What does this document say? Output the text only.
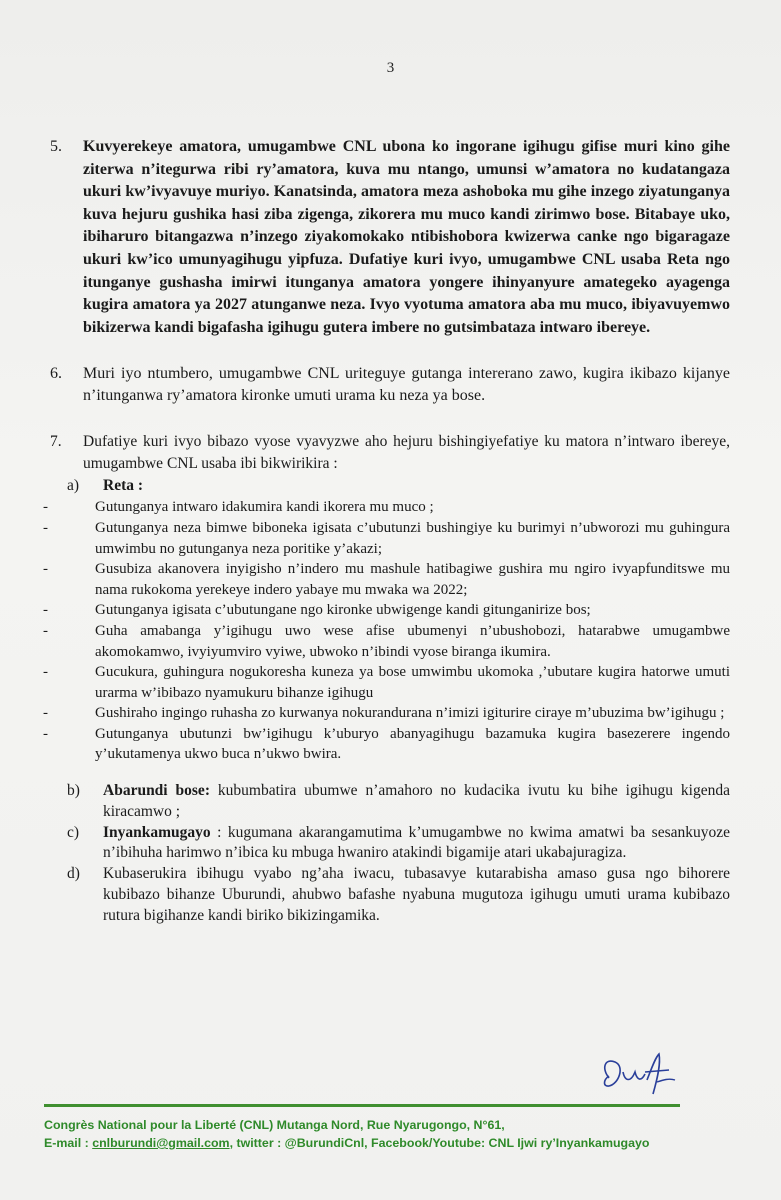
3
5.	Kuvyerekeye amatora, umugambwe CNL ubona ko ingorane igihugu gifise muri kino gihe ziterwa n’itegurwa ribi ry’amatora, kuva mu ntango, umunsi w’amatora no kudatangaza ukuri kw’ivyavuye muriyo. Kanatsinda, amatora meza ashoboka mu gihe inzego ziyatunganya kuva hejuru gushika hasi ziba zigenga, zikorera mu muco kandi zirimwo bose. Bitabaye uko, ibiharuro bitangazwa n’inzego ziyakomokako ntibishobora kwizerwa canke ngo bigaragaze ukuri kw’ico umunyagihugu yipfuza. Dufatiye kuri ivyo, umugambwe CNL usaba Reta ngo itunganye gushasha imirwi itunganya amatora yongere ihinyanyure amategeko ayagenga kugira amatora ya 2027 atunganwe neza. Ivyo vyotuma amatora aba mu muco, ibiyavuyemwo bikizerwa kandi bigafasha igihugu gutera imbere no gutsimbataza intwaro ibereye.

6.	Muri iyo ntumbero, umugambwe CNL uriteguye gutanga intererano zawo, kugira ikibazo kijanye n’itunganwa ry’amatora kironke umuti urama ku neza ya bose.

7.	Dufatiye kuri ivyo bibazo vyose vyavyzwe aho hejuru bishingiyefatiye ku matora n’intwaro ibereye, umugambwe CNL usaba ibi bikwirikira :

a)	Reta :
-	Gutunganya intwaro idakumira kandi ikorera mu muco ;
-	Gutunganya neza bimwe biboneka igisata c’ubutunzi bushingiye ku burimyi n’ubworozi mu guhingura umwimbu no gutunganya neza poritike y’akazi;
-	Gusubiza akanovera inyigisho n’indero mu mashule hatibagiwe gushira mu ngiro ivyapfunditswe mu nama rukokoma yerekeye indero yabaye mu mwaka wa 2022;
-	Gutunganya igisata c’ubutungane ngo kironke ubwigenge kandi gitunganirize bos;
-	Guha amabanga y’igihugu uwo wese afise ubumenyi n’ubushobozi, hatarabwe umugambwe akomokamwo, ivyiyumviro vyiwe, ubwoko n’ibindi vyose biranga ikumira.
-	Gucukura, guhingura nogukoresha kuneza ya bose umwimbu ukomoka ,’ubutare kugira hatorwe umuti urarma w’ibibazo nyamukuru bihanze igihugu
-	Gushiraho ingingo ruhasha zo kurwanya nokurandurana n’imizi igiturire ciraye m’ubuzima bw’igihugu ;
-	Gutunganya ubutunzi bw’igihugu k’uburyo abanyagihugu bazamuka kugira basezerere ingendo y’ukutamenya ukwo buca n’ukwo bwira.
b)	Abarundi bose: kubumbatira ubumwe n’amahoro no kudacika ivutu ku bihe igihugu kigenda kiracamwo ;
c)	Inyankamugayo : kugumana akarangamutima k’umugambwe no kwima amatwi ba sesankuyoze n’ibihuha harimwo n’ibica ku mbuga hwaniro atakindi bigamije atari ukabajuragiza.
d)	Kubaserukira ibihugu vyabo ng’aha iwacu, tubasavye kutarabisha amaso gusa ngo bihorere kubibazo bihanze Uburundi, ahubwo bafashe nyabuna mugutoza igihugu umuti urama kubibazo rutura bigihanze kandi biriko bikizingamika.
Congrès National pour la Liberté (CNL) Mutanga Nord, Rue Nyarugongo, N°61,
E-mail : cnlburundi@gmail.com, twitter : @BurundiCnl, Facebook/Youtube: CNL Ijwi ry’Inyankamugayo
